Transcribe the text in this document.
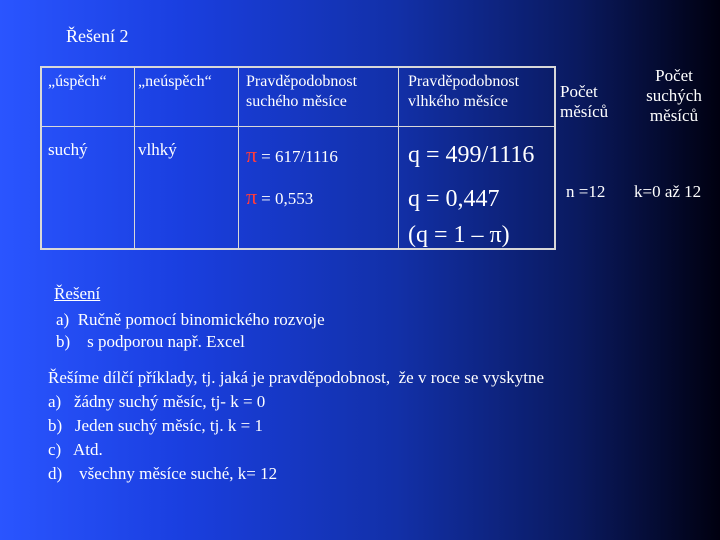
Řešení 2
„úspěch“ „neúspěch“ Pravděpodobnost suchého měsíce
Pravděpodobnost vlhkého měsíce
suchý	vlhký	π = 617/1116
π = 0,553
q = 499/1116
q = 0,447
(q = 1 – π)
Počet měsíců
n =12
Počet suchých měsíců
k=0 až 12
Řešení
a)  Ručně pomocí binomického rozvoje
b)    s podporou např. Excel
Řešíme dílčí příklady, tj. jaká je pravděpodobnost,  že v roce se vyskytne
a)   žádny suchý měsíc, tj- k = 0
b)   Jeden suchý měsíc, tj. k = 1
c)   Atd.
d)    všechny měsíce suché, k= 12
